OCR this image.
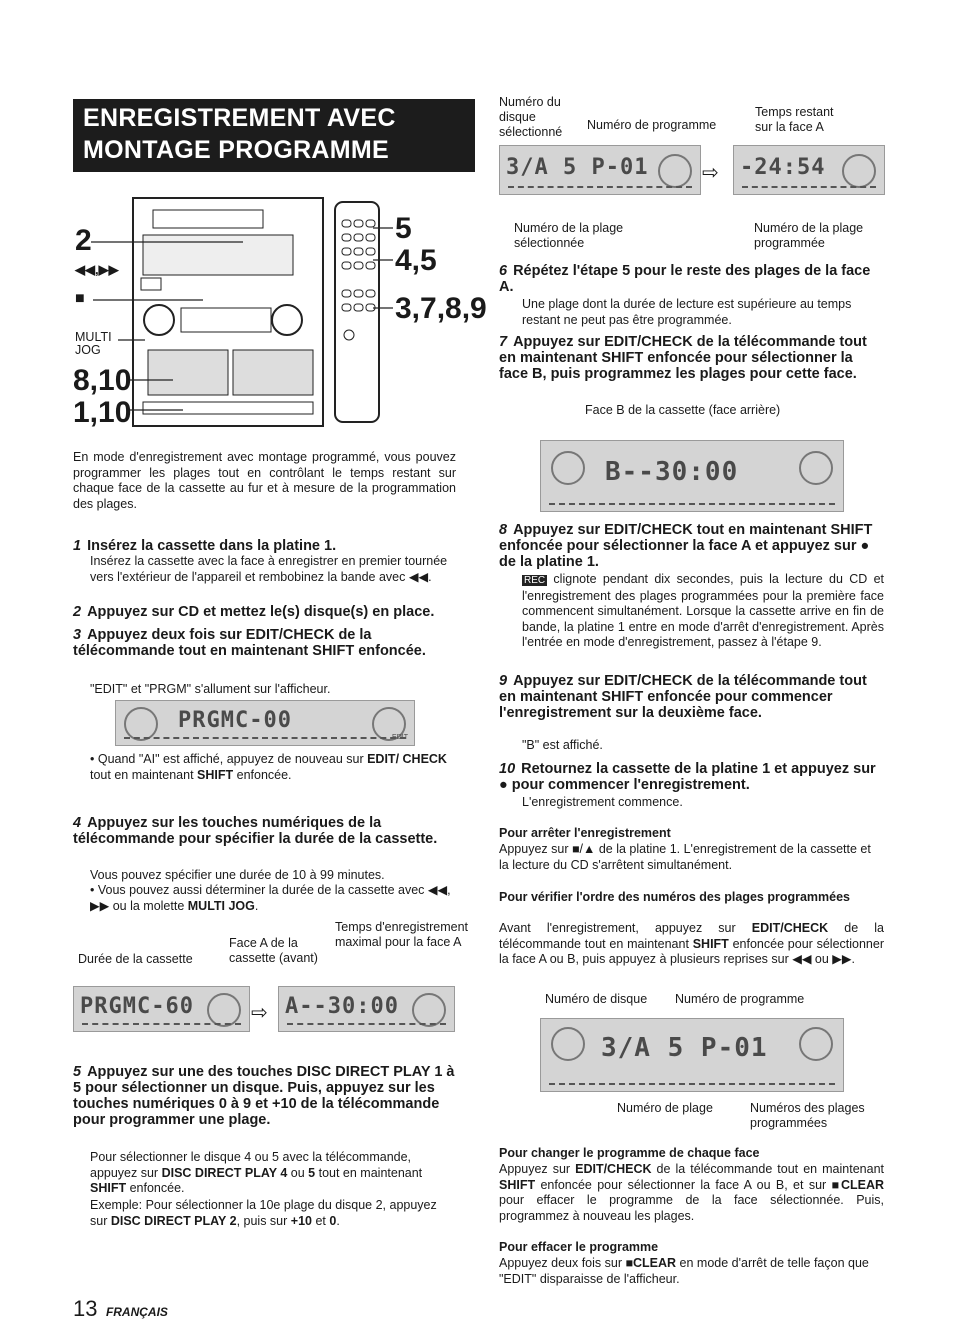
ENREGISTREMENT AVEC
MONTAGE PROGRAMME
2
◀◀,▶▶
■
MULTI
JOG
8,10
1,10
5
4,5
3,7,8,9
En mode d'enregistrement avec montage programmé, vous pouvez programmer les plages tout en contrôlant le temps restant sur chaque face de la cassette au fur et à mesure de la programmation des plages.
1 Insérez la cassette dans la platine 1.
Insérez la cassette avec la face à enregistrer en premier tournée vers l'extérieur de l'appareil et rembobinez la bande avec ◀◀.
2 Appuyez sur CD et mettez le(s) disque(s) en place.
3 Appuyez deux fois sur EDIT/CHECK de la télécommande tout en maintenant SHIFT enfoncée.
"EDIT" et "PRGM" s'allument sur l'afficheur.
PRGMC-00
EDIT
• Quand "AI" est affiché, appuyez de nouveau sur EDIT/ CHECK tout en maintenant SHIFT enfoncée.
4 Appuyez sur les touches numériques de la télécommande pour spécifier la durée de la cassette.
Vous pouvez spécifier une durée de 10 à 99 minutes.
• Vous pouvez aussi déterminer la durée de la cassette avec ◀◀, ▶▶ ou la molette MULTI JOG.
Durée de la cassette
Face A de la cassette (avant)
Temps d'enregistrement maximal pour la face A
PRGMC-60	⇨ A--30:00
5 Appuyez sur une des touches DISC DIRECT PLAY 1 à 5 pour sélectionner un disque. Puis, appuyez sur les touches numériques 0 à 9 et +10 de la télécommande pour programmer une plage.
Pour sélectionner le disque 4 ou 5 avec la télécommande, appuyez sur DISC DIRECT PLAY 4 ou 5 tout en maintenant SHIFT enfoncée.
Exemple: Pour sélectionner la 10e plage du disque 2, appuyez sur DISC DIRECT PLAY 2, puis sur +10 et 0.
13 FRANÇAIS
Numéro du disque sélectionné	Numéro de programme
Temps restant sur la face A
3/A 5 P-01	⇨ -24:54
Numéro de la plage sélectionnée
Numéro de la plage programmée
6 Répétez l'étape 5 pour le reste des plages de la face A.
Une plage dont la durée de lecture est supérieure au temps restant ne peut pas être programmée.
7 Appuyez sur EDIT/CHECK de la télécommande tout en maintenant SHIFT enfoncée pour sélectionner la face B, puis programmez les plages pour cette face.
Face B de la cassette (face arrière)
B--30:00
8 Appuyez sur EDIT/CHECK tout en maintenant SHIFT enfoncée pour sélectionner la face A et appuyez sur ● de la platine 1.
REC clignote pendant dix secondes, puis la lecture du CD et l'enregistrement des plages programmées pour la première face commencent simultanément. Lorsque la cassette arrive en fin de bande, la platine 1 entre en mode d'arrêt d'enregistrement. Après l'entrée en mode d'enregistrement, passez à l'étape 9.
9 Appuyez sur EDIT/CHECK de la télécommande tout en maintenant SHIFT enfoncée pour commencer l'enregistrement sur la deuxième face.
"B" est affiché.
10 Retournez la cassette de la platine 1 et appuyez sur ● pour commencer l'enregistrement.
L'enregistrement commence.
Pour arrêter l'enregistrement
Appuyez sur ■/▲ de la platine 1. L'enregistrement de la cassette et la lecture du CD s'arrêtent simultanément.
Pour vérifier l'ordre des numéros des plages programmées
Avant l'enregistrement, appuyez sur EDIT/CHECK de la télécommande tout en maintenant SHIFT enfoncée pour sélectionner la face A ou B, puis appuyez à plusieurs reprises sur ◀◀ ou ▶▶.
Numéro de disque Numéro de programme
3/A 5 P-01
Numéro de plage	Numéros des plages programmées
Pour changer le programme de chaque face
Appuyez sur EDIT/CHECK de la télécommande tout en maintenant SHIFT enfoncée pour sélectionner la face A ou B, et sur ■CLEAR pour effacer le programme de la face sélectionnée. Puis, programmez à nouveau les plages.
Pour effacer le programme
Appuyez deux fois sur ■CLEAR en mode d'arrêt de telle façon que "EDIT" disparaisse de l'afficheur.
